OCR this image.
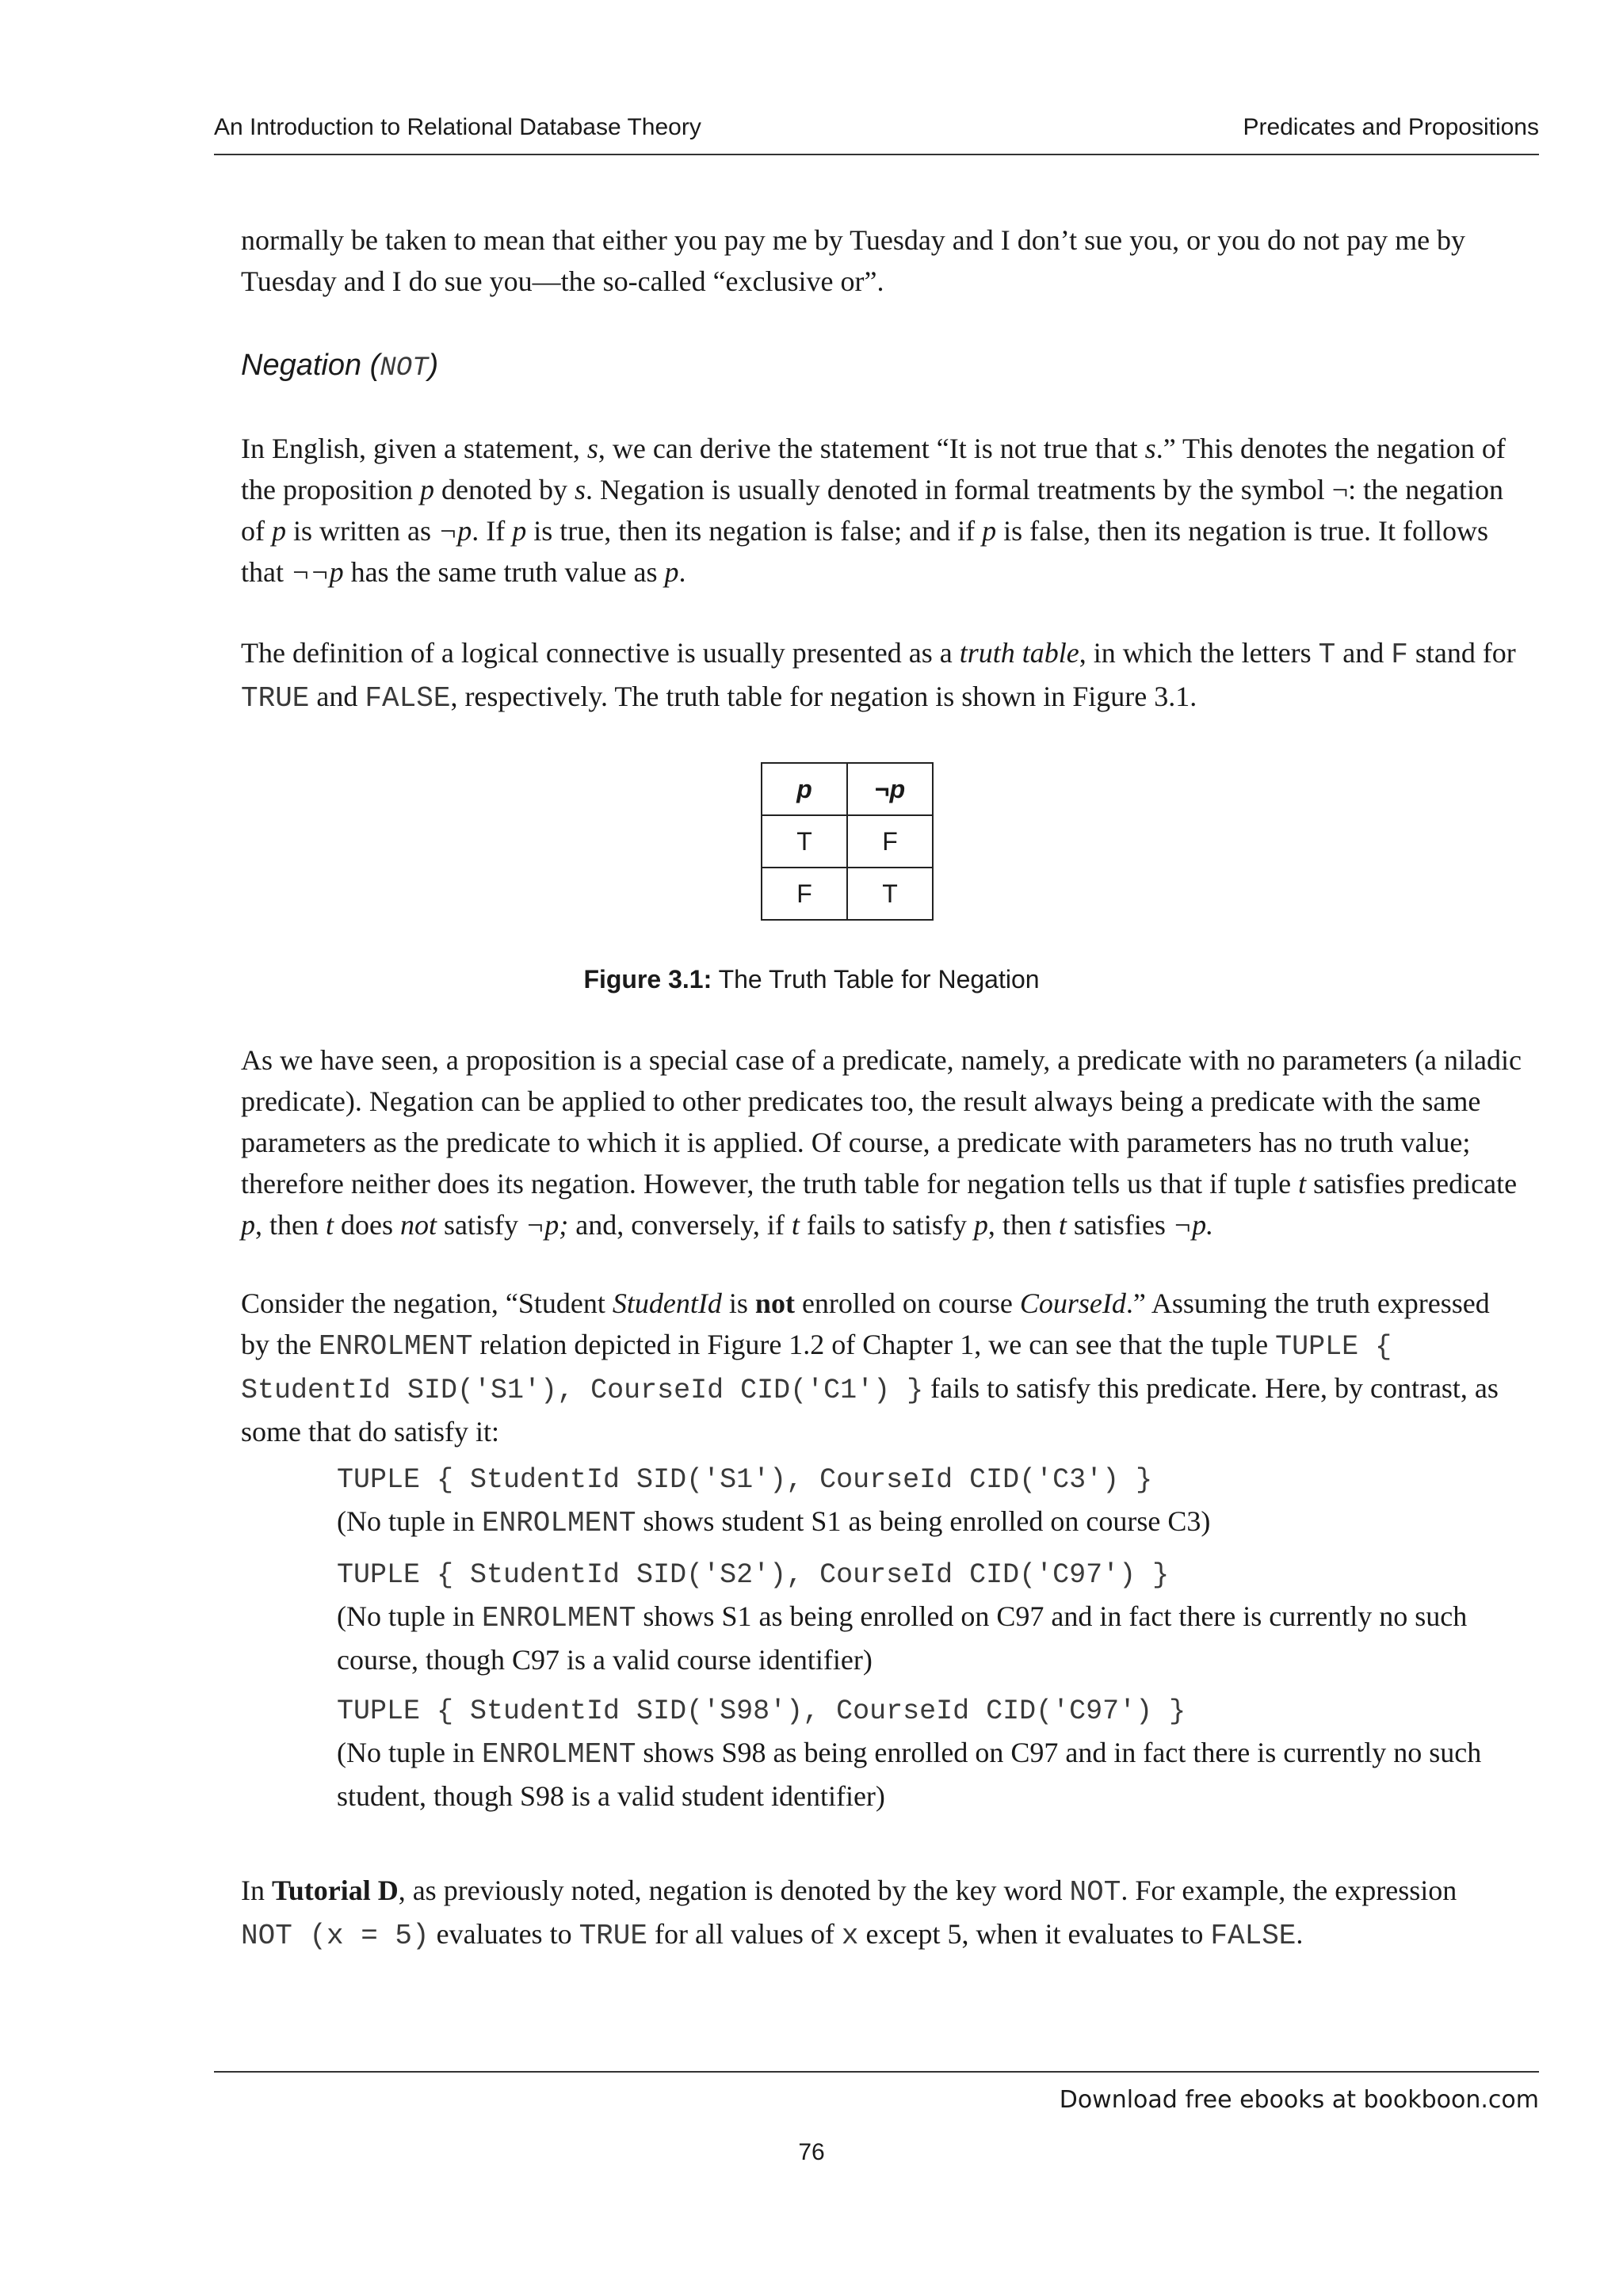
An Introduction to Relational Database Theory	Predicates and Propositions

normally be taken to mean that either you pay me by Tuesday and I don’t sue you, or you do not pay me by Tuesday and I do sue you—the so-called “exclusive or”.

Negation (NOT)

In English, given a statement, s, we can derive the statement “It is not true that s.” This denotes the negation of the proposition p denoted by s. Negation is usually denoted in formal treatments by the symbol ¬: the negation of p is written as ¬p. If p is true, then its negation is false; and if p is false, then its negation is true. It follows that ¬¬p has the same truth value as p.

The definition of a logical connective is usually presented as a truth table, in which the letters T and F stand for TRUE and FALSE, respectively. The truth table for negation is shown in Figure 3.1.

p	¬p
T	F
F	T
Figure 3.1: The Truth Table for Negation

As we have seen, a proposition is a special case of a predicate, namely, a predicate with no parameters (a niladic predicate). Negation can be applied to other predicates too, the result always being a predicate with the same parameters as the predicate to which it is applied. Of course, a predicate with parameters has no truth value; therefore neither does its negation. However, the truth table for negation tells us that if tuple t satisfies predicate p, then t does not satisfy ¬p; and, conversely, if t fails to satisfy p, then t satisfies ¬p.

Consider the negation, “Student StudentId is not enrolled on course CourseId.” Assuming the truth expressed by the ENROLMENT relation depicted in Figure 1.2 of Chapter 1, we can see that the tuple TUPLE { StudentId SID('S1'), CourseId CID('C1') } fails to satisfy this predicate. Here, by contrast, as some that do satisfy it:

TUPLE { StudentId SID('S1'), CourseId CID('C3') }

(No tuple in ENROLMENT shows student S1 as being enrolled on course C3)

TUPLE { StudentId SID('S2'), CourseId CID('C97') }

(No tuple in ENROLMENT shows S1 as being enrolled on C97 and in fact there is currently no such course, though C97 is a valid course identifier)

TUPLE { StudentId SID('S98'), CourseId CID('C97') }

(No tuple in ENROLMENT shows S98 as being enrolled on C97 and in fact there is currently no such student, though S98 is a valid student identifier)

In Tutorial D, as previously noted, negation is denoted by the key word NOT. For example, the expression NOT (x = 5) evaluates to TRUE for all values of x except 5, when it evaluates to FALSE.

Download free ebooks at bookboon.com
76
